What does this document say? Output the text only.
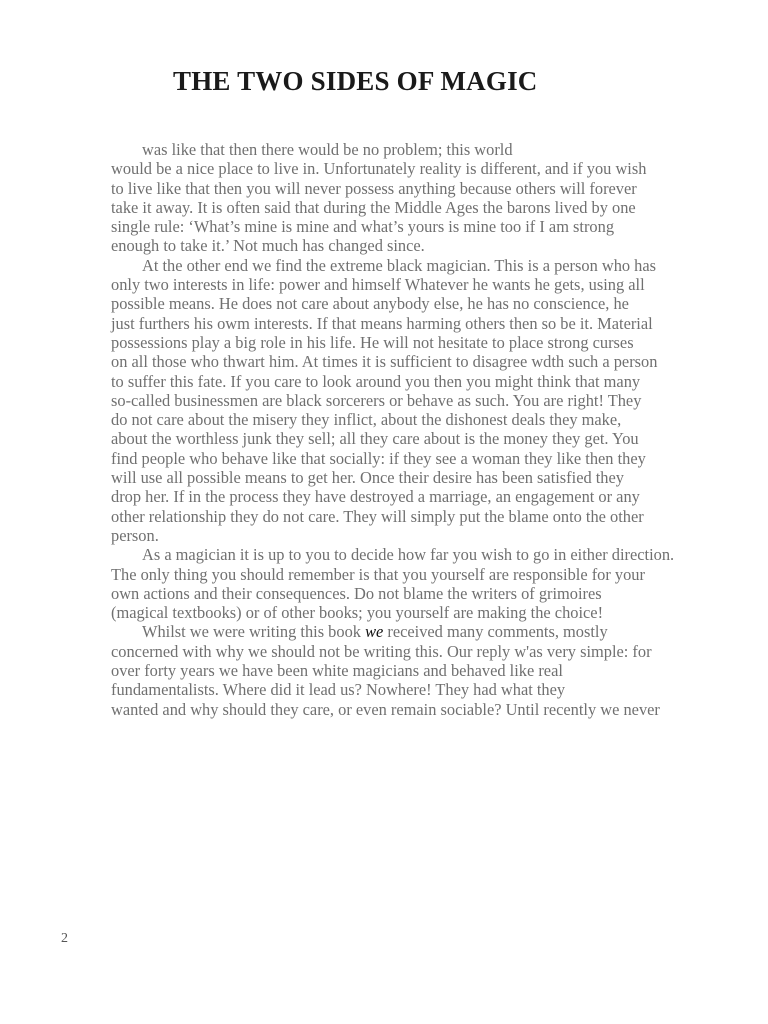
THE TWO SIDES OF MAGIC
was like that then there would be no problem; this world
would be a nice place to live in. Unfortunately reality is different, and if you wish
to live like that then you will never possess anything because others will forever
take it away. It is often said that during the Middle Ages the barons lived by one
single rule: ‘What’s mine is mine and what’s yours is mine too if I am strong
enough to take it.’ Not much has changed since.
At the other end we find the extreme black magician. This is a person who has
only two interests in life: power and himself Whatever he wants he gets, using all
possible means. He does not care about anybody else, he has no conscience, he
just furthers his owm interests. If that means harming others then so be it. Material
possessions play a big role in his life. He will not hesitate to place strong curses
on all those who thwart him. At times it is sufficient to disagree wdth such a person
to suffer this fate. If you care to look around you then you might think that many
so-called businessmen are black sorcerers or behave as such. You are right! They
do not care about the misery they inflict, about the dishonest deals they make,
about the worthless junk they sell; all they care about is the money they get. You
find people who behave like that socially: if they see a woman they like then they
will use all possible means to get her. Once their desire has been satisfied they
drop her. If in the process they have destroyed a marriage, an engagement or any
other relationship they do not care. They will simply put the blame onto the other
person.
As a magician it is up to you to decide how far you wish to go in either direction.
The only thing you should remember is that you yourself are responsible for your
own actions and their consequences. Do not blame the writers of grimoires
(magical textbooks) or of other books; you yourself are making the choice!
Whilst we were writing this book we received many comments, mostly
concerned with why we should not be writing this. Our reply w'as very simple: for
over forty years we have been white magicians and behaved like real
fundamentalists. Where did it lead us? Nowhere! They had what they
wanted and why should they care, or even remain sociable? Until recently we never
2
